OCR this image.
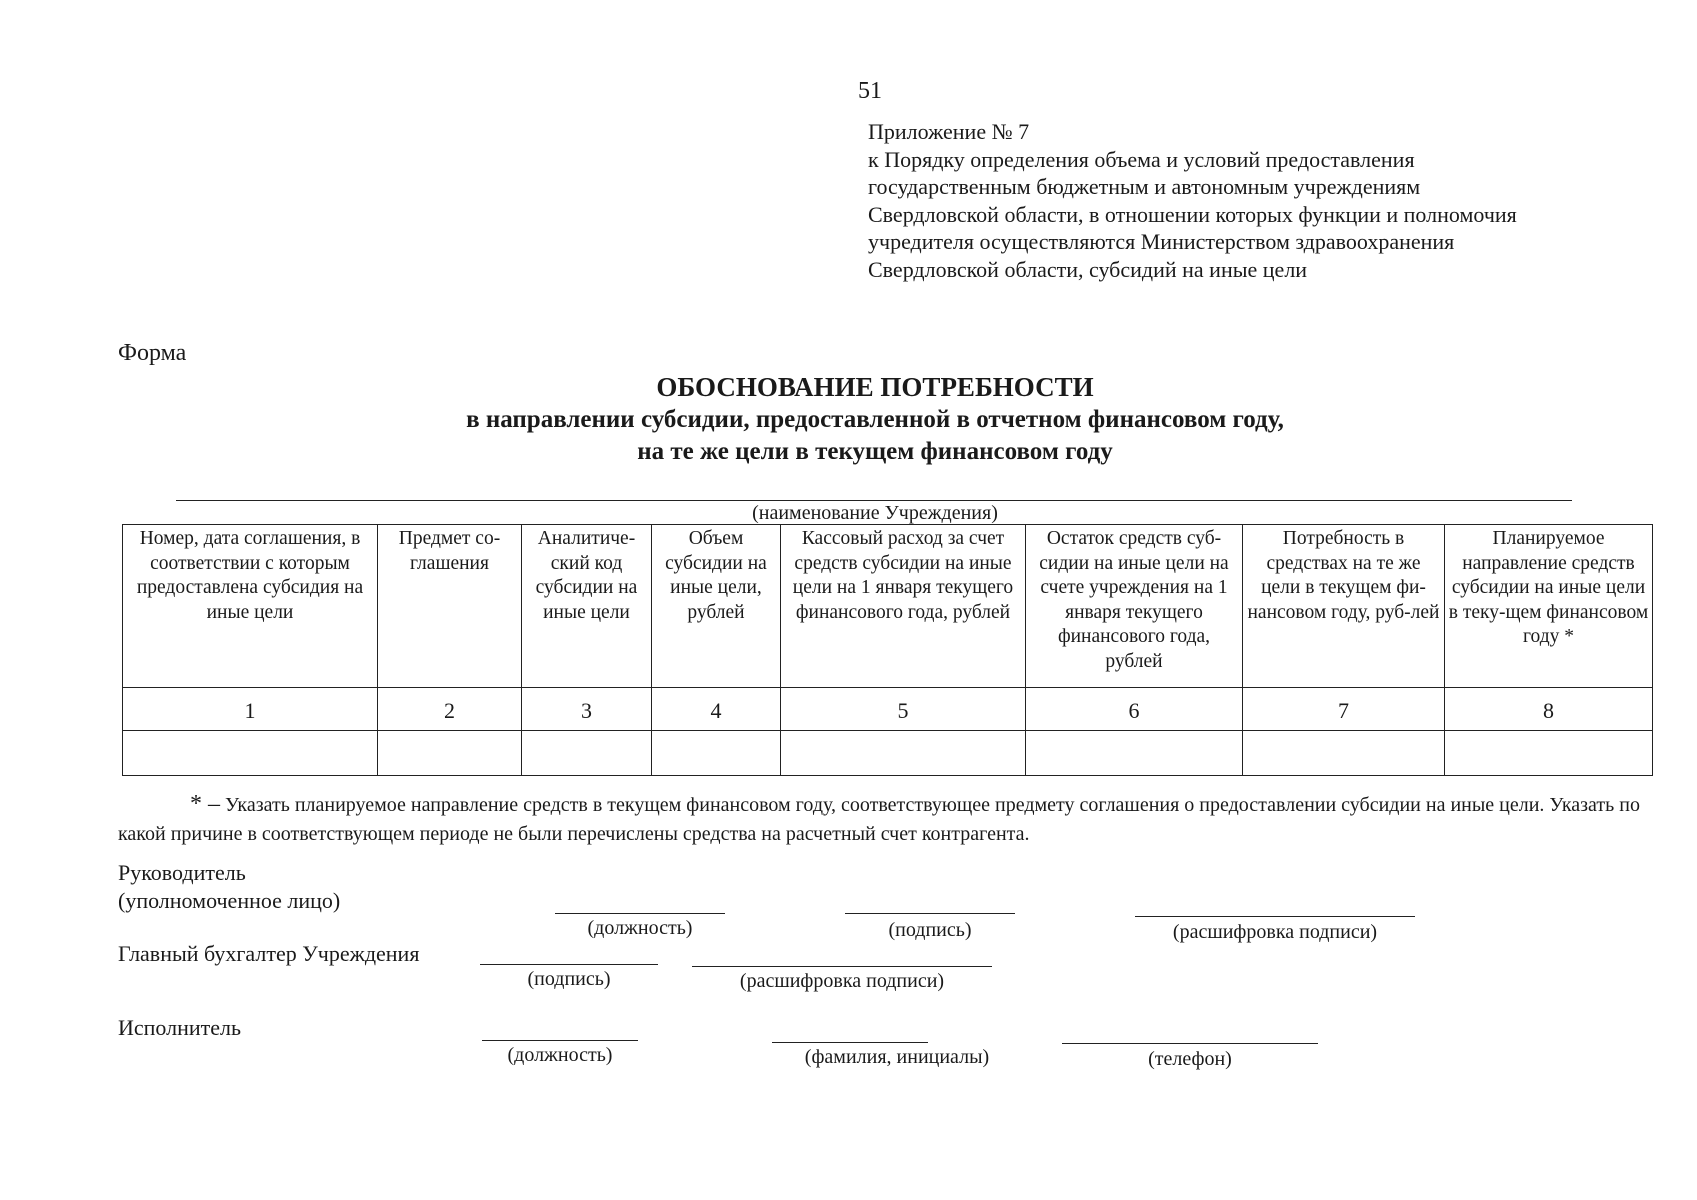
51
Приложение № 7
к Порядку определения объема и условий предоставления
государственным бюджетным и автономным учреждениям
Свердловской области, в отношении которых функции и полномочия
учредителя осуществляются Министерством здравоохранения
Свердловской области, субсидий на иные цели
Форма
ОБОСНОВАНИЕ ПОТРЕБНОСТИ
в направлении субсидии, предоставленной в отчетном финансовом году,
на те же цели в текущем финансовом году
(наименование Учреждения)
Номер, дата соглашения, в соответствии с которым предоставлена субсидия на иные цели	Предмет со-глашения	Аналитиче-ский код субсидии на иные цели	Объем субсидии на иные цели, рублей	Кассовый расход за счет средств субсидии на иные цели на 1 января текущего финансового года, рублей	Остаток средств суб-сидии на иные цели на счете учреждения на 1 января текущего финансового года, рублей	Потребность в средствах на те же цели в текущем фи-нансовом году, руб-лей	Планируемое направление средств субсидии на иные цели в теку-щем финансовом году *
1	2	3	4	5	6	7	8

* – Указать планируемое направление средств в текущем финансовом году, соответствующее предмету соглашения о предоставлении субсидии на иные цели. Указать по какой причине в соответствующем периоде не были перечислены средства на расчетный счет контрагента.
Руководитель
(уполномоченное лицо)
(должность)	(подпись)	(расшифровка подписи)
Главный бухгалтер Учреждения
(подпись)	(расшифровка подписи)
Исполнитель
(должность)	(фамилия, инициалы)	(телефон)
